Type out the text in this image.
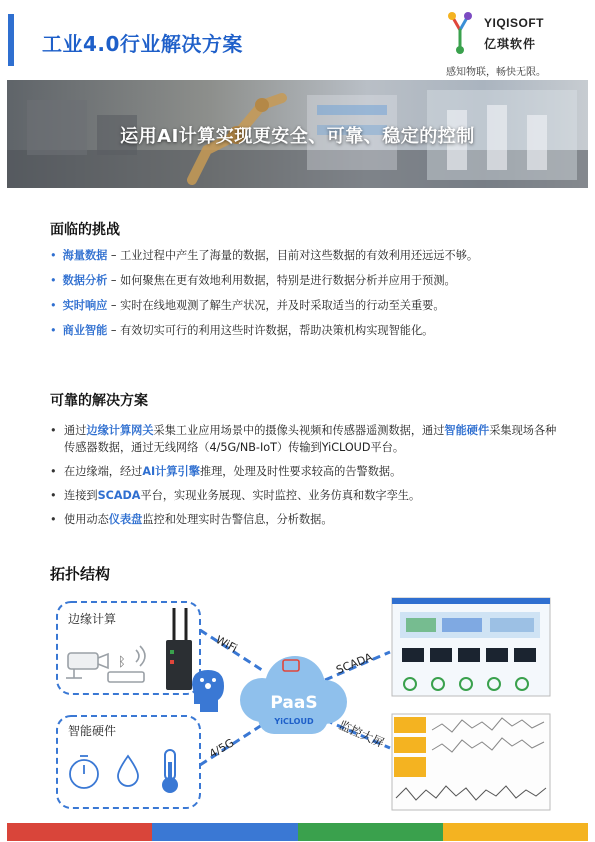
工业4.0行业解决方案
YIQISOFT
亿琪软件
感知物联，畅快无限。
运用AI计算实现更安全、可靠、稳定的控制
面临的挑战
• 海量数据 – 工业过程中产生了海量的数据，目前对这些数据的有效利用还远远不够。
• 数据分析 – 如何聚焦在更有效地利用数据，特别是进行数据分析并应用于预测。
• 实时响应 – 实时在线地观测了解生产状况，并及时采取适当的行动至关重要。
• 商业智能 – 有效切实可行的利用这些时许数据，帮助决策机构实现智能化。
可靠的解决方案
• 通过边缘计算网关采集工业应用场景中的摄像头视频和传感器遥测数据，通过智能硬件采集现场各种传感器数据，通过无线网络（4/5G/NB-IoT）传输到YiCLOUD平台。
• 在边缘端，经过AI计算引擎推理，处理及时性要求较高的告警数据。
• 连接到SCADA平台，实现业务展现、实时监控、业务仿真和数字孪生。
• 使用动态仪表盘监控和处理实时告警信息，分析数据。
拓扑结构
边缘计算
ᛒ
智能硬件
WiFi
4/5G
SCADA
监控大屏
PaaS
YiCLOUD
